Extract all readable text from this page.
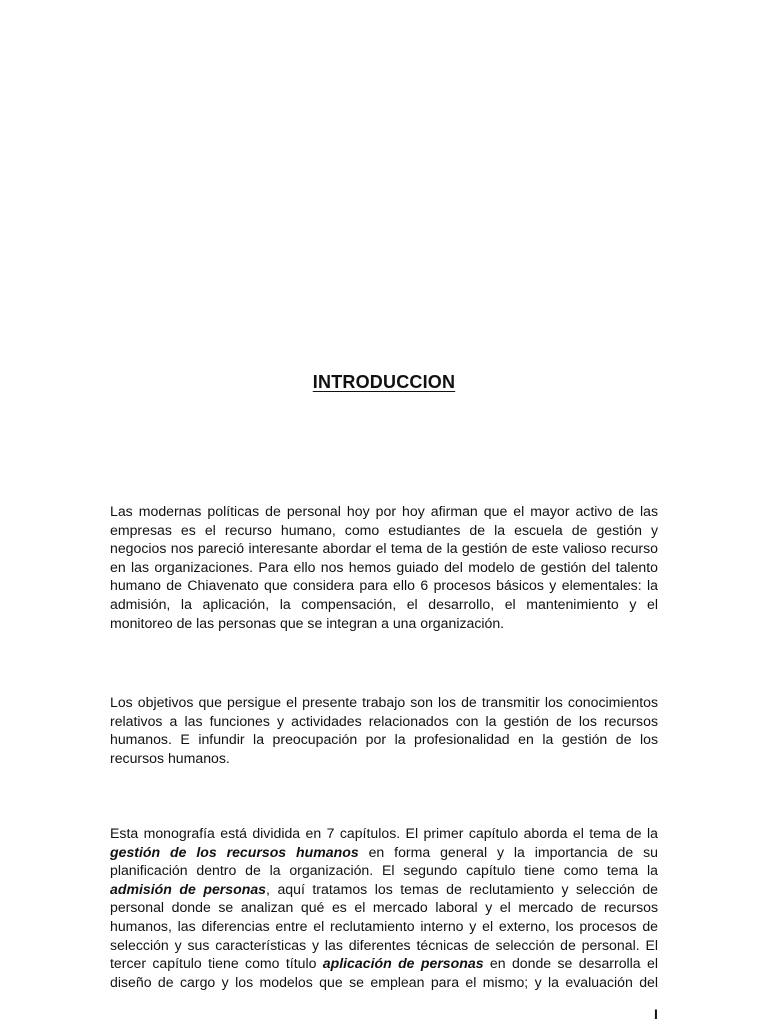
INTRODUCCION
Las modernas políticas de personal hoy por hoy afirman que el mayor activo de las
empresas es el recurso humano, como estudiantes de la escuela de gestión y
negocios nos pareció interesante abordar el tema de la gestión de este valioso recurso
en las organizaciones. Para ello nos hemos guiado del modelo de gestión del talento
humano de Chiavenato que considera para ello 6 procesos básicos y elementales: la
admisión, la aplicación, la compensación, el desarrollo, el mantenimiento y el
monitoreo de las personas que se integran a una organización.
Los objetivos que persigue el presente trabajo son los de transmitir los conocimientos
relativos a las funciones y actividades relacionados con la gestión de los recursos
humanos. E infundir la preocupación por la profesionalidad en la gestión de los
recursos humanos.
Esta monografía está dividida en 7 capítulos. El primer capítulo aborda el tema de la
gestión de los recursos humanos en forma general y la importancia de su
planificación dentro de la organización. El segundo capítulo tiene como tema la
admisión de personas, aquí tratamos los temas de reclutamiento y selección de
personal donde se analizan qué es el mercado laboral y el mercado de recursos
humanos, las diferencias entre el reclutamiento interno y el externo, los procesos de
selección y sus características y las diferentes técnicas de selección de personal. El
tercer capítulo tiene como título aplicación de personas en donde se desarrolla el
diseño de cargo y los modelos que se emplean para el mismo; y la evaluación del
I
